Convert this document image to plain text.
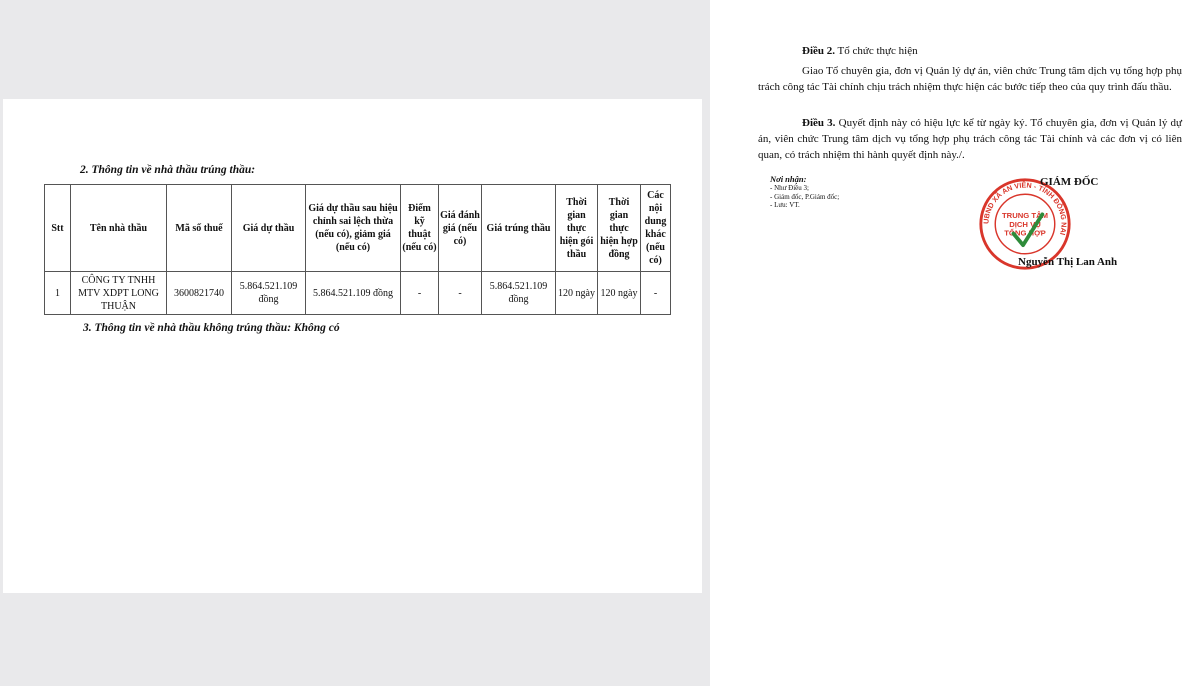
2. Thông tin về nhà thầu trúng thầu:
Stt	Tên nhà thầu	Mã số thuế	Giá dự thầu	Giá dự thầu sau hiệu chỉnh sai lệch thừa (nếu có), giảm giá (nếu có)	Điểm kỹ thuật (nếu có)	Giá đánh giá (nếu có)	Giá trúng thầu	Thời gian thực hiện gói thầu	Thời gian thực hiện hợp đồng	Các nội dung khác (nếu có)
1	CÔNG TY TNHH MTV XDPT LONG THUẬN	3600821740	5.864.521.109 đồng	5.864.521.109 đồng	-	-	5.864.521.109 đồng	120 ngày	120 ngày	-
3. Thông tin về nhà thầu không trúng thầu: Không có
Điều 2. Tổ chức thực hiện
Giao Tổ chuyên gia, đơn vị Quản lý dự án, viên chức Trung tâm dịch vụ tổng hợp phụ trách công tác Tài chính chịu trách nhiệm thực hiện các bước tiếp theo của quy trình đấu thầu.
Điều 3. Quyết định này có hiệu lực kể từ ngày ký. Tổ chuyên gia, đơn vị Quản lý dự án, viên chức Trung tâm dịch vụ tổng hợp phụ trách công tác Tài chính và các đơn vị có liên quan, có trách nhiệm thi hành quyết định này./.
Nơi nhận:
- Như Điều 3;
- Giám đốc, P.Giám đốc;
- Lưu: VT.
UBND XÃ AN VIÊN - TỈNH ĐỒNG NAI
TRUNG TÂM
DỊCH VỤ
TỔNG HỢP
GIÁM ĐỐC
Nguyễn Thị Lan Anh
